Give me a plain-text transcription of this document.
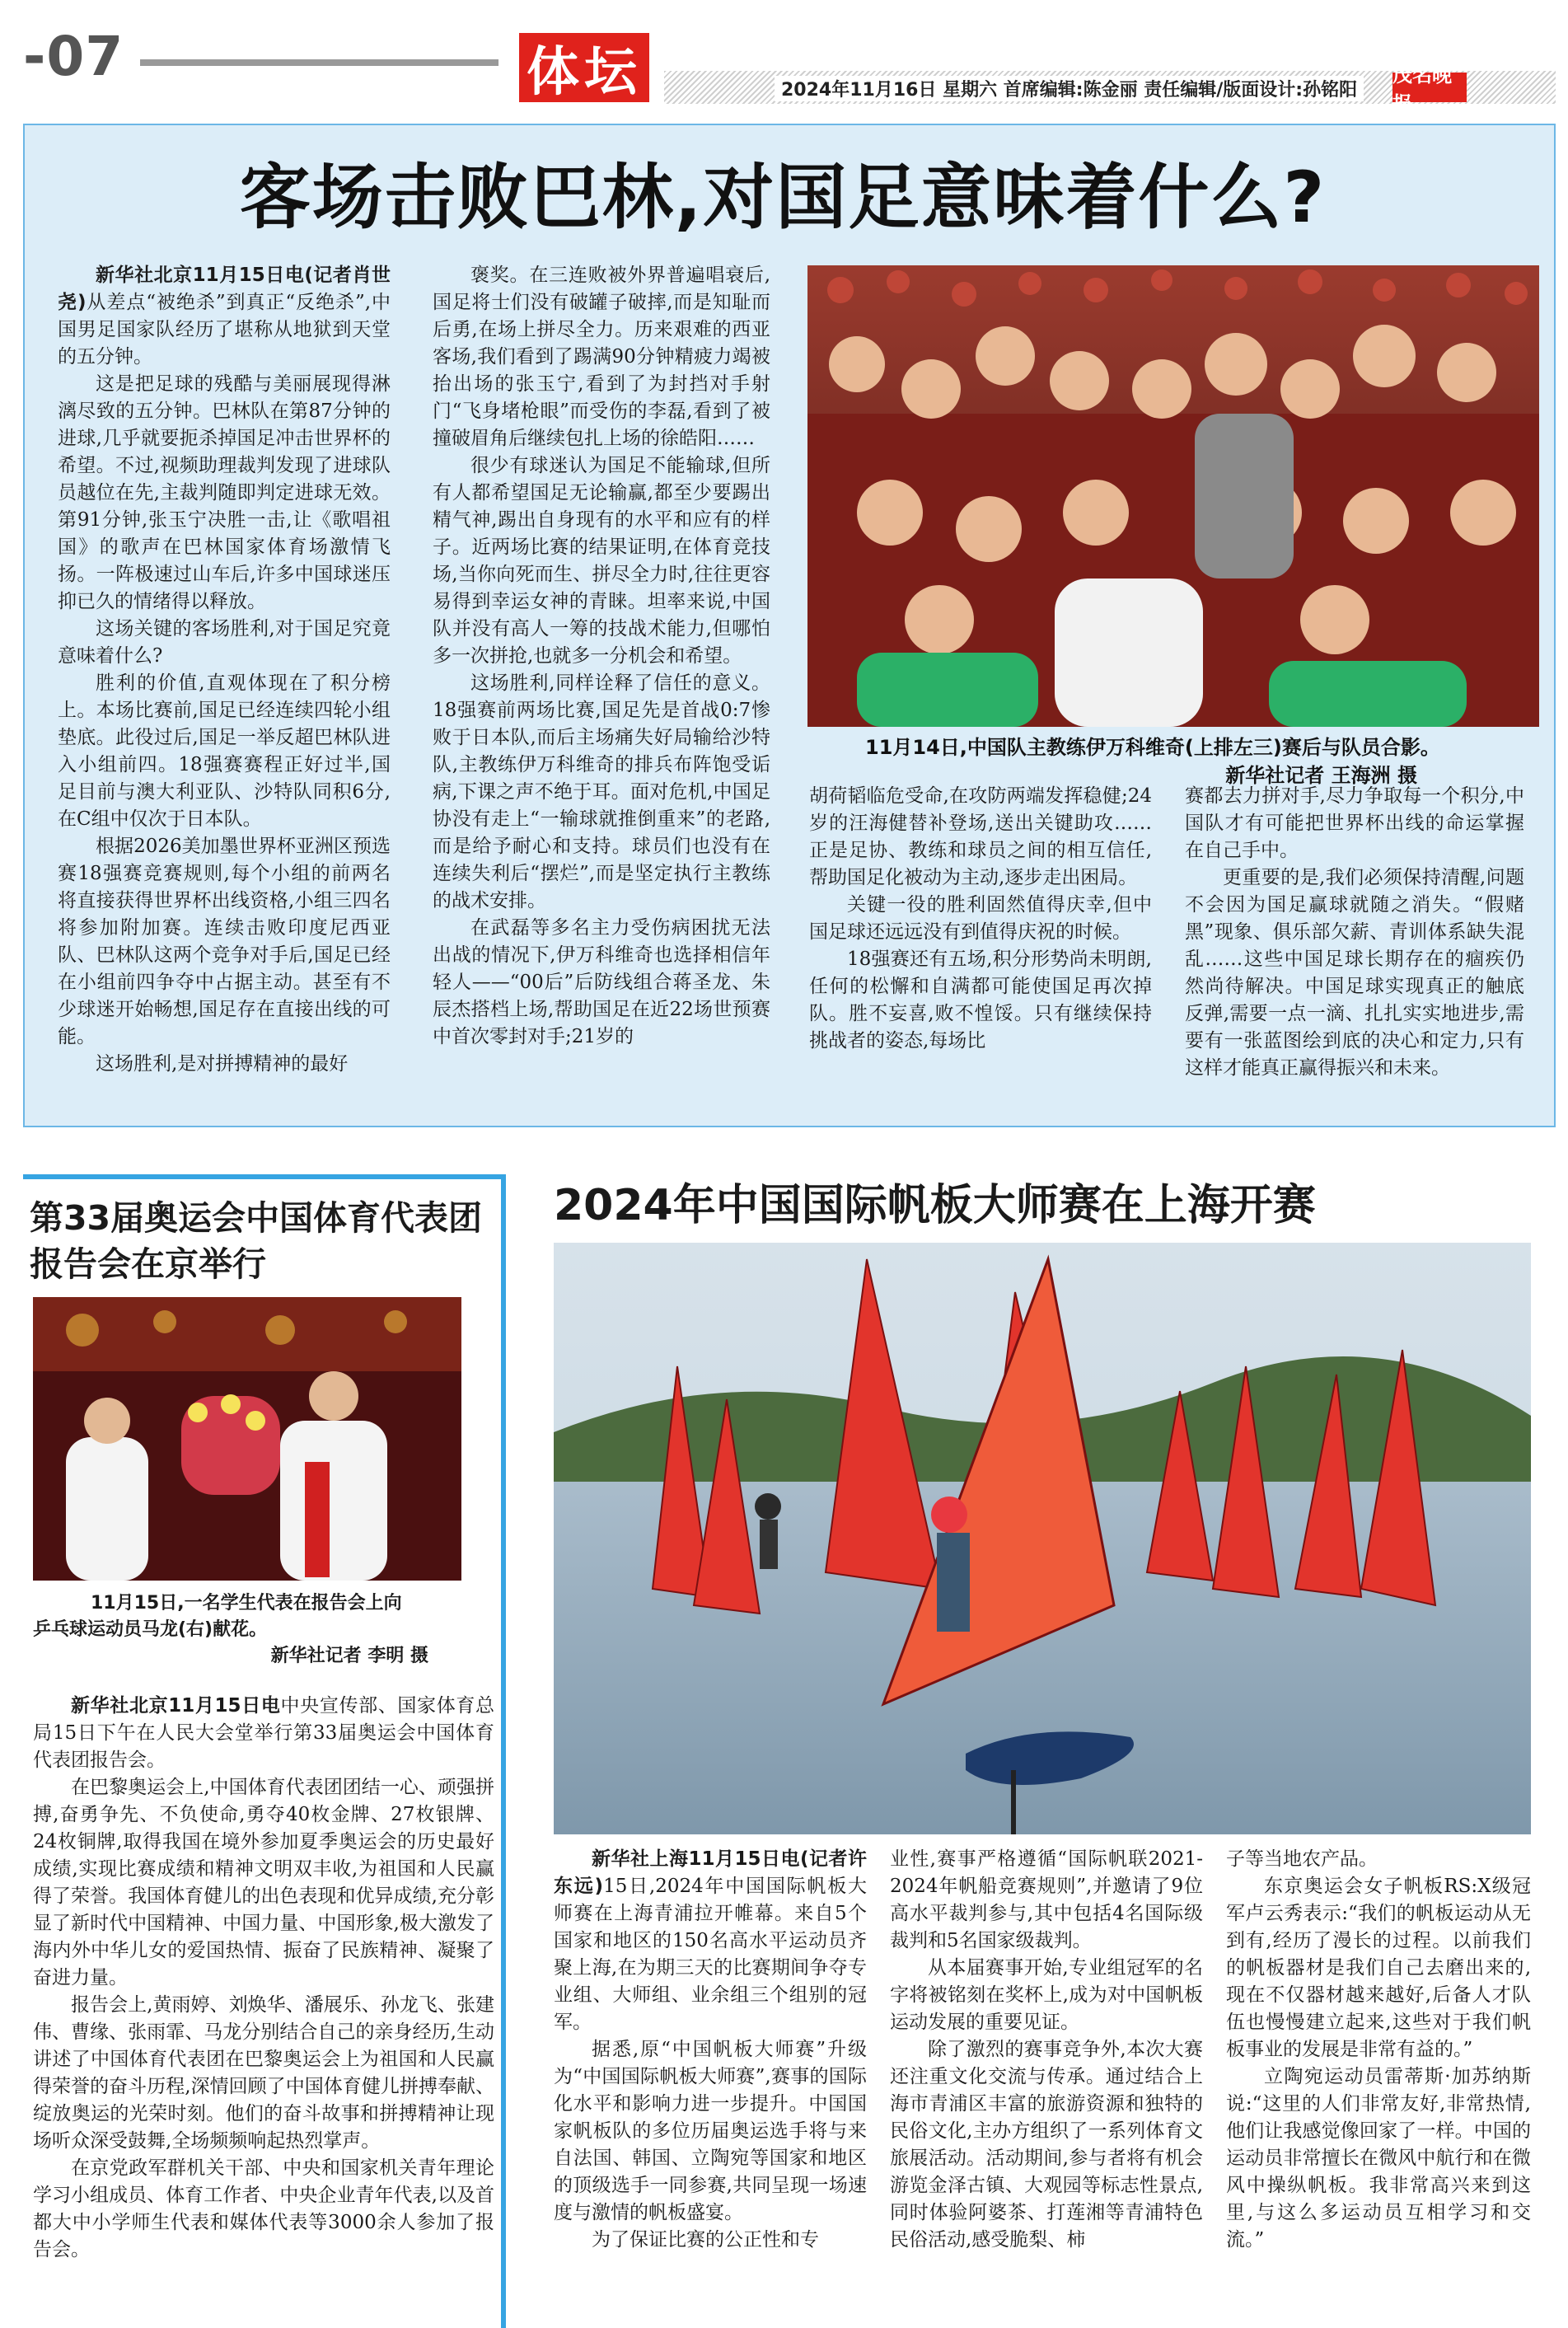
-07	体坛	2024年11月16日 星期六 首席编辑:陈金丽 责任编辑/版面设计:孙铭阳
茂名晚报
客场击败巴林,对国足意味着什么?

新华社北京11月15日电(记者肖世尧)从差点“被绝杀”到真正“反绝杀”,中国男足国家队经历了堪称从地狱到天堂的五分钟。

这是把足球的残酷与美丽展现得淋漓尽致的五分钟。巴林队在第87分钟的进球,几乎就要扼杀掉国足冲击世界杯的希望。不过,视频助理裁判发现了进球队员越位在先,主裁判随即判定进球无效。第91分钟,张玉宁决胜一击,让《歌唱祖国》的歌声在巴林国家体育场激情飞扬。一阵极速过山车后,许多中国球迷压抑已久的情绪得以释放。

这场关键的客场胜利,对于国足究竟意味着什么?

胜利的价值,直观体现在了积分榜上。本场比赛前,国足已经连续四轮小组垫底。此役过后,国足一举反超巴林队进入小组前四。18强赛赛程正好过半,国足目前与澳大利亚队、沙特队同积6分,在C组中仅次于日本队。

根据2026美加墨世界杯亚洲区预选赛18强赛竞赛规则,每个小组的前两名将直接获得世界杯出线资格,小组三四名将参加附加赛。连续击败印度尼西亚队、巴林队这两个竞争对手后,国足已经在小组前四争夺中占据主动。甚至有不少球迷开始畅想,国足存在直接出线的可能。

这场胜利,是对拼搏精神的最好

褒奖。在三连败被外界普遍唱衰后,国足将士们没有破罐子破摔,而是知耻而后勇,在场上拼尽全力。历来艰难的西亚客场,我们看到了踢满90分钟精疲力竭被抬出场的张玉宁,看到了为封挡对手射门“飞身堵枪眼”而受伤的李磊,看到了被撞破眉角后继续包扎上场的徐皓阳……

很少有球迷认为国足不能输球,但所有人都希望国足无论输赢,都至少要踢出精气神,踢出自身现有的水平和应有的样子。近两场比赛的结果证明,在体育竞技场,当你向死而生、拼尽全力时,往往更容易得到幸运女神的青睐。坦率来说,中国队并没有高人一筹的技战术能力,但哪怕多一次拼抢,也就多一分机会和希望。

这场胜利,同样诠释了信任的意义。18强赛前两场比赛,国足先是首战0:7惨败于日本队,而后主场痛失好局输给沙特队,主教练伊万科维奇的排兵布阵饱受诟病,下课之声不绝于耳。面对危机,中国足协没有走上“一输球就推倒重来”的老路,而是给予耐心和支持。球员们也没有在连续失利后“摆烂”,而是坚定执行主教练的战术安排。

在武磊等多名主力受伤病困扰无法出战的情况下,伊万科维奇也选择相信年轻人——“00后”后防线组合蒋圣龙、朱辰杰搭档上场,帮助国足在近22场世预赛中首次零封对手;21岁的

胡荷韬临危受命,在攻防两端发挥稳健;24岁的汪海健替补登场,送出关键助攻……正是足协、教练和球员之间的相互信任,帮助国足化被动为主动,逐步走出困局。

关键一役的胜利固然值得庆幸,但中国足球还远远没有到值得庆祝的时候。

18强赛还有五场,积分形势尚未明朗,任何的松懈和自满都可能使国足再次掉队。胜不妄喜,败不惶馁。只有继续保持挑战者的姿态,每场比

赛都去力拼对手,尽力争取每一个积分,中国队才有可能把世界杯出线的命运掌握在自己手中。

更重要的是,我们必须保持清醒,问题不会因为国足赢球就随之消失。“假赌黑”现象、俱乐部欠薪、青训体系缺失混乱……这些中国足球长期存在的痼疾仍然尚待解决。中国足球实现真正的触底反弹,需要一点一滴、扎扎实实地进步,需要有一张蓝图绘到底的决心和定力,只有这样才能真正赢得振兴和未来。

11月14日,中国队主教练伊万科维奇(上排左三)赛后与队员合影。
新华社记者 王海洲 摄
第33届奥运会中国体育代表团报告会在京举行
11月15日,一名学生代表在报告会上向
乒乓球运动员马龙(右)献花。
新华社记者 李明 摄

新华社北京11月15日电中央宣传部、国家体育总局15日下午在人民大会堂举行第33届奥运会中国体育代表团报告会。

在巴黎奥运会上,中国体育代表团团结一心、顽强拼搏,奋勇争先、不负使命,勇夺40枚金牌、27枚银牌、24枚铜牌,取得我国在境外参加夏季奥运会的历史最好成绩,实现比赛成绩和精神文明双丰收,为祖国和人民赢得了荣誉。我国体育健儿的出色表现和优异成绩,充分彰显了新时代中国精神、中国力量、中国形象,极大激发了海内外中华儿女的爱国热情、振奋了民族精神、凝聚了奋进力量。

报告会上,黄雨婷、刘焕华、潘展乐、孙龙飞、张建伟、曹缘、张雨霏、马龙分别结合自己的亲身经历,生动讲述了中国体育代表团在巴黎奥运会上为祖国和人民赢得荣誉的奋斗历程,深情回顾了中国体育健儿拼搏奉献、绽放奥运的光荣时刻。他们的奋斗故事和拼搏精神让现场听众深受鼓舞,全场频频响起热烈掌声。

在京党政军群机关干部、中央和国家机关青年理论学习小组成员、体育工作者、中央企业青年代表,以及首都大中小学师生代表和媒体代表等3000余人参加了报告会。

2024年中国国际帆板大师赛在上海开赛

新华社上海11月15日电(记者许东远)15日,2024年中国国际帆板大师赛在上海青浦拉开帷幕。来自5个国家和地区的150名高水平运动员齐聚上海,在为期三天的比赛期间争夺专业组、大师组、业余组三个组别的冠军。

据悉,原“中国帆板大师赛”升级为“中国国际帆板大师赛”,赛事的国际化水平和影响力进一步提升。中国国家帆板队的多位历届奥运选手将与来自法国、韩国、立陶宛等国家和地区的顶级选手一同参赛,共同呈现一场速度与激情的帆板盛宴。

为了保证比赛的公正性和专

业性,赛事严格遵循“国际帆联2021-2024年帆船竞赛规则”,并邀请了9位高水平裁判参与,其中包括4名国际级裁判和5名国家级裁判。

从本届赛事开始,专业组冠军的名字将被铭刻在奖杯上,成为对中国帆板运动发展的重要见证。

除了激烈的赛事竞争外,本次大赛还注重文化交流与传承。通过结合上海市青浦区丰富的旅游资源和独特的民俗文化,主办方组织了一系列体育文旅展活动。活动期间,参与者将有机会游览金泽古镇、大观园等标志性景点,同时体验阿婆茶、打莲湘等青浦特色民俗活动,感受脆梨、柿

子等当地农产品。

东京奥运会女子帆板RS:X级冠军卢云秀表示:“我们的帆板运动从无到有,经历了漫长的过程。以前我们的帆板器材是我们自己去磨出来的,现在不仅器材越来越好,后备人才队伍也慢慢建立起来,这些对于我们帆板事业的发展是非常有益的。”

立陶宛运动员雷蒂斯·加苏纳斯说:“这里的人们非常友好,非常热情,他们让我感觉像回家了一样。中国的运动员非常擅长在微风中航行和在微风中操纵帆板。我非常高兴来到这里,与这么多运动员互相学习和交流。”
